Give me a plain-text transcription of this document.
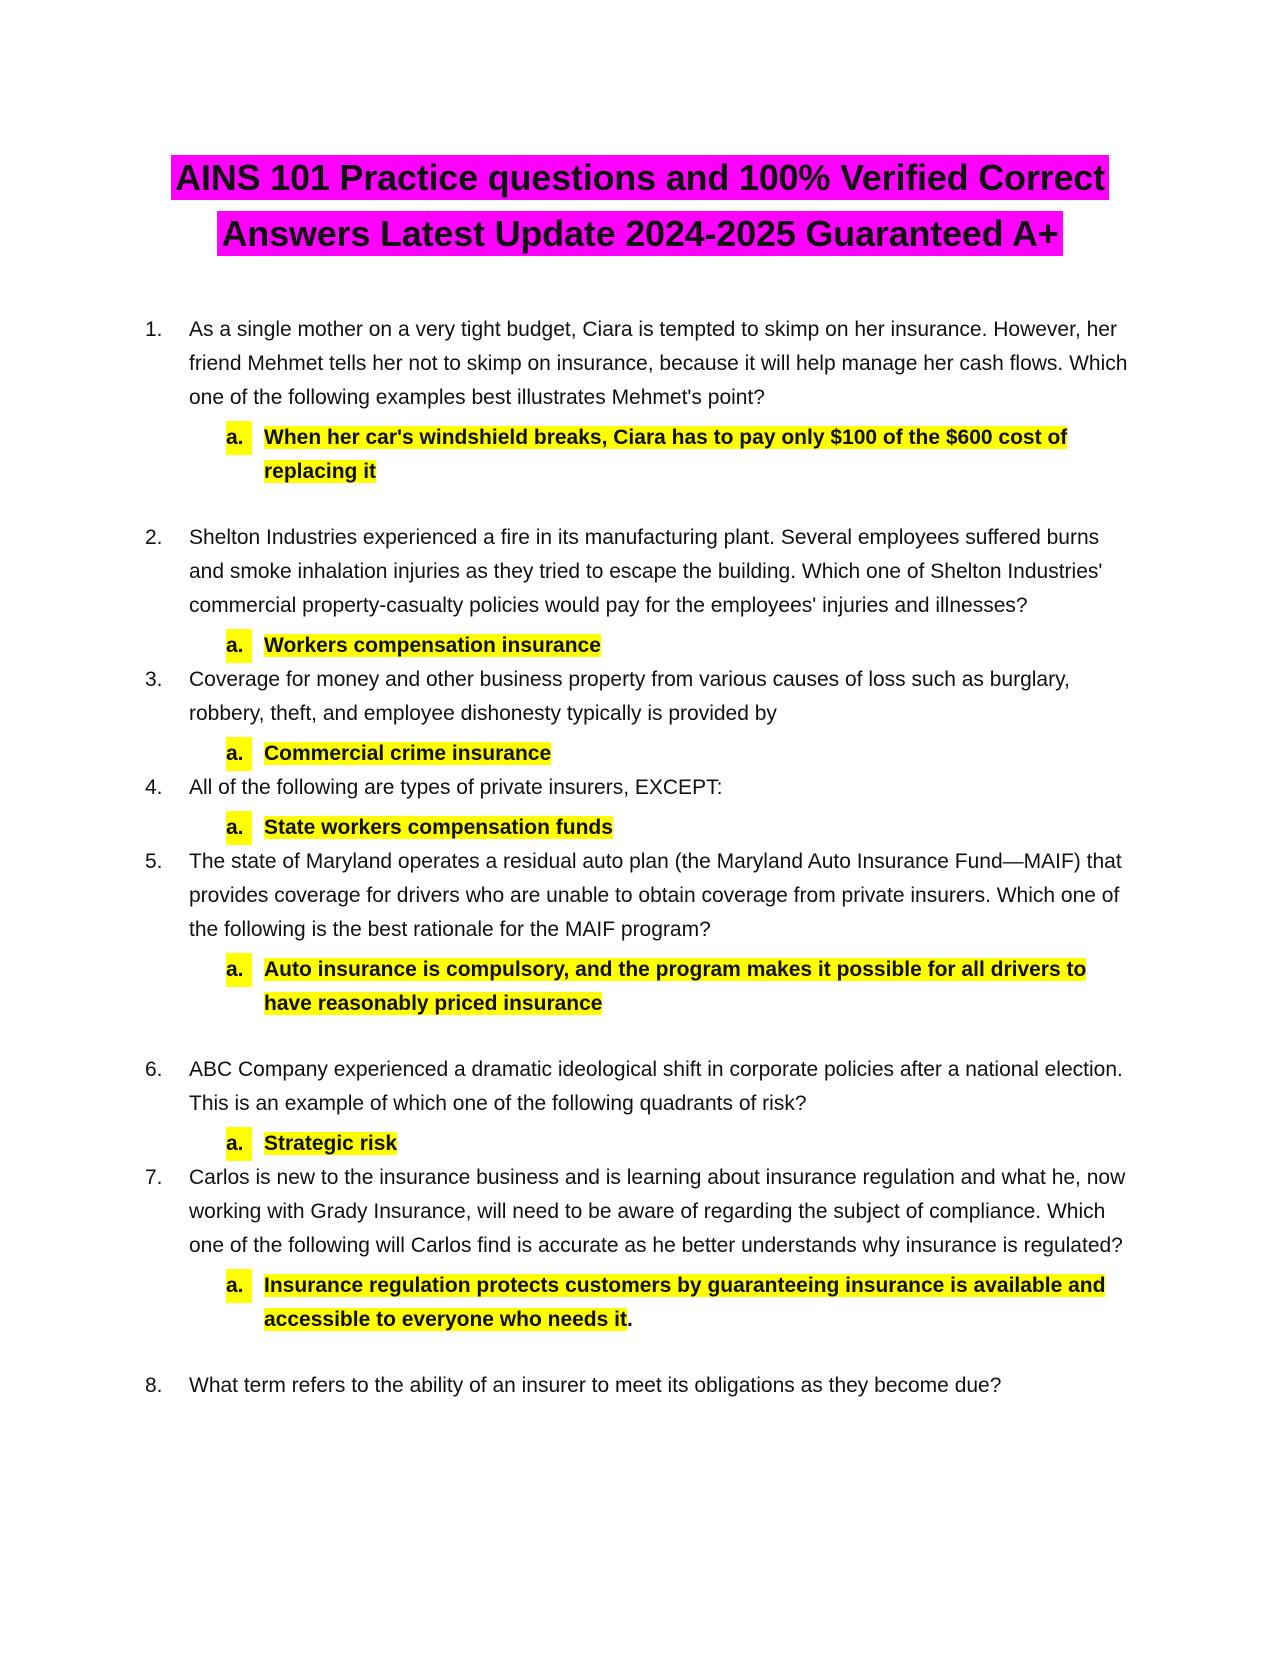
AINS 101 Practice questions and 100% Verified Correct
Answers Latest Update 2024-2025 Guaranteed A+
1.	As a single mother on a very tight budget, Ciara is tempted to skimp on her insurance. However, her friend Mehmet tells her not to skimp on insurance, because it will help manage her cash flows. Which one of the following examples best illustrates Mehmet's point?
a. When her car's windshield breaks, Ciara has to pay only $100 of the $600 cost of replacing it
2.	Shelton Industries experienced a fire in its manufacturing plant. Several employees suffered burns and smoke inhalation injuries as they tried to escape the building. Which one of Shelton Industries' commercial property-casualty policies would pay for the employees' injuries and illnesses?
a. Workers compensation insurance
3.	Coverage for money and other business property from various causes of loss such as burglary, robbery, theft, and employee dishonesty typically is provided by
a. Commercial crime insurance
4.	All of the following are types of private insurers, EXCEPT:
a. State workers compensation funds
5.	The state of Maryland operates a residual auto plan (the Maryland Auto Insurance Fund—MAIF) that provides coverage for drivers who are unable to obtain coverage from private insurers. Which one of the following is the best rationale for the MAIF program?
a. Auto insurance is compulsory, and the program makes it possible for all drivers to have reasonably priced insurance
6.	ABC Company experienced a dramatic ideological shift in corporate policies after a national election. This is an example of which one of the following quadrants of risk?
a. Strategic risk
7.	Carlos is new to the insurance business and is learning about insurance regulation and what he, now working with Grady Insurance, will need to be aware of regarding the subject of compliance. Which one of the following will Carlos find is accurate as he better understands why insurance is regulated?
a. Insurance regulation protects customers by guaranteeing insurance is available and accessible to everyone who needs it.
8.	What term refers to the ability of an insurer to meet its obligations as they become due?
